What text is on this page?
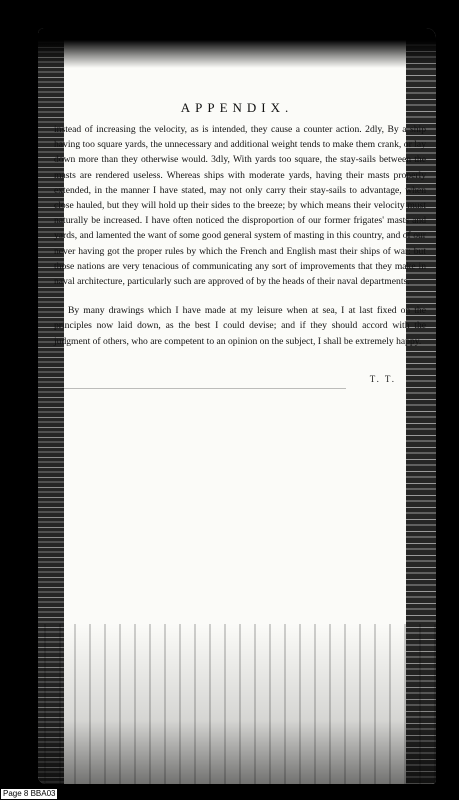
APPENDIX.

instead of increasing the velocity, as is intended, they cause a counter action. 2dly, By a ship having too square yards, the unnecessary and additional weight tends to make them crank, or lay down more than they otherwise would. 3dly, With yards too square, the stay-sails between the masts are rendered useless. Whereas ships with moderate yards, having their masts properly extended, in the manner I have stated, may not only carry their stay-sails to advantage, when close hauled, but they will hold up their sides to the breeze; by which means their velocity must naturally be increased. I have often noticed the disproportion of our former frigates' masts and yards, and lamented the want of some good general system of masting in this country, and of our never having got the proper rules by which the French and English mast their ships of war: but those nations are very tenacious of communicating any sort of improvements that they make in naval architecture, particularly such are approved of by the heads of their naval departments.

By many drawings which I have made at my leisure when at sea, I at last fixed on the principles now laid down, as the best I could devise; and if they should accord with the judgment of others, who are competent to an opinion on the subject, I shall be extremely happy.

T. T.
Page 8 BBA03
